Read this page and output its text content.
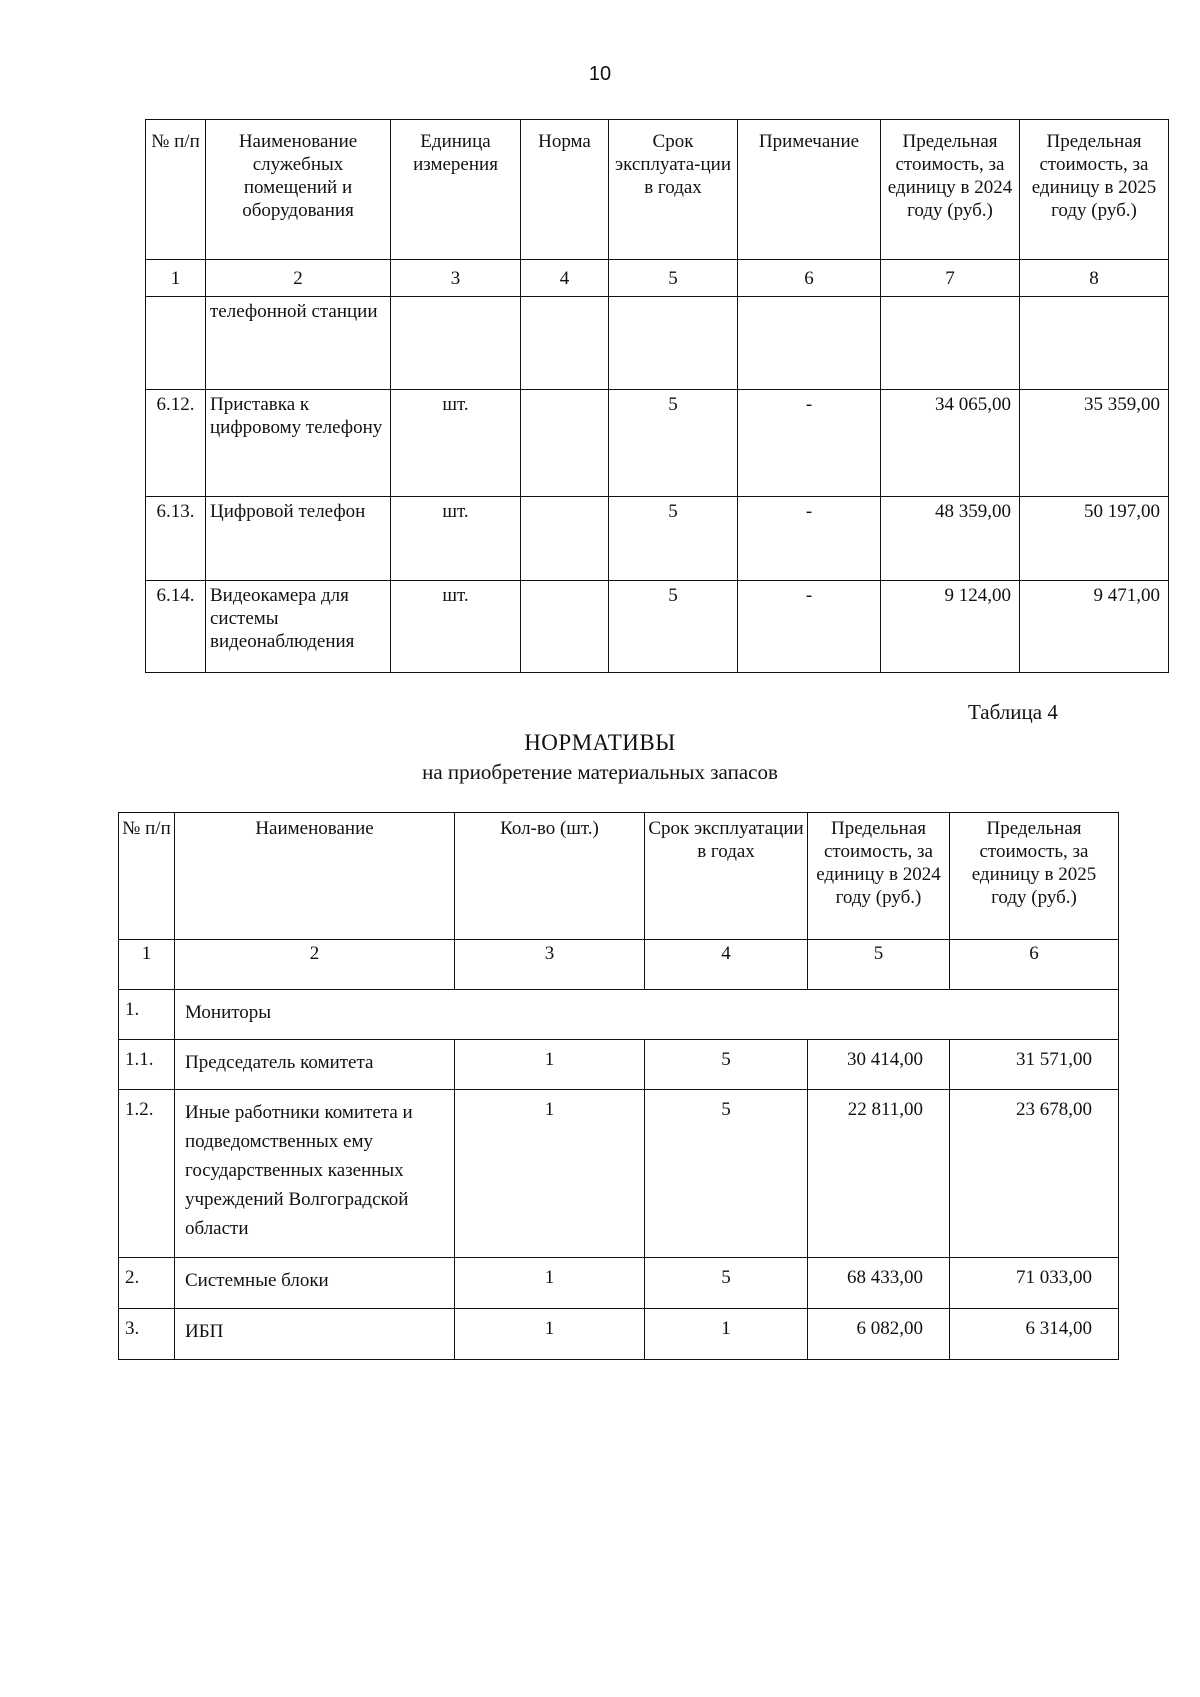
10
№ п/п	Наименование служебных помещений и оборудования	Единица измерения	Норма	Срок эксплуата-ции в годах	Примечание	Предельная стоимость, за единицу в 2024 году (руб.)	Предельная стоимость, за единицу в 2025 году (руб.)
1	2	3	4	5	6	7	8
	телефонной станции						
6.12.	Приставка к цифровому телефону	шт.		5	-	34 065,00	35 359,00
6.13.	Цифровой телефон	шт.		5	-	48 359,00	50 197,00
6.14.	Видеокамера для системы видеонаблюдения	шт.		5	-	9 124,00	9 471,00
Таблица 4
НОРМАТИВЫ
на приобретение материальных запасов
№ п/п	Наименование	Кол-во (шт.)	Срок эксплуатации в годах	Предельная стоимость, за единицу в 2024 году (руб.)	Предельная стоимость, за единицу в 2025 году (руб.)
1	2	3	4	5	6
1.	Мониторы				
1.1.	Председатель комитета	1	5	30 414,00	31 571,00
1.2.	Иные работники комитета и подведомственных ему государственных казенных учреждений Волгоградской области	1	5	22 811,00	23 678,00
2.	Системные блоки	1	5	68 433,00	71 033,00
3.	ИБП	1	1	6 082,00	6 314,00
